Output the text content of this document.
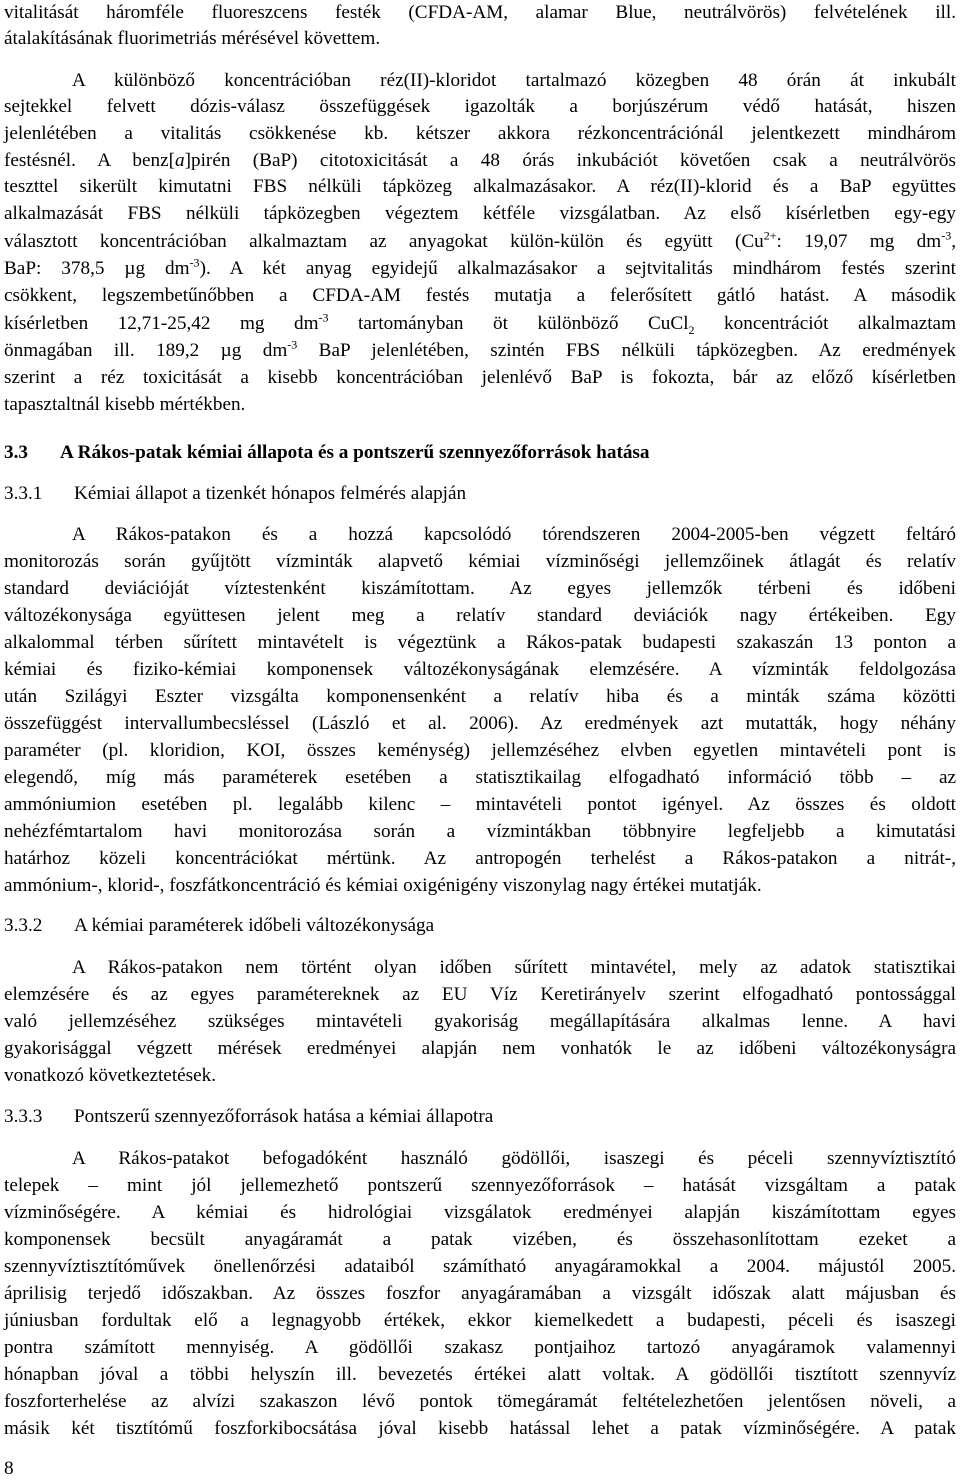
vitalitását háromféle fluoreszcens festék (CFDA-AM, alamar Blue, neutrálvörös) felvételének ill.
átalakításának fluorimetriás mérésével követtem.
A különböző koncentrációban réz(II)-kloridot tartalmazó közegben 48 órán át inkubált
sejtekkel felvett dózis-válasz összefüggések igazolták a borjúszérum védő hatását, hiszen
jelenlétében a vitalitás csökkenése kb. kétszer akkora rézkoncentrációnál jelentkezett mindhárom
festésnél. A benz[a]pirén (BaP) citotoxicitását a 48 órás inkubációt követően csak a neutrálvörös
teszttel sikerült kimutatni FBS nélküli tápközeg alkalmazásakor. A réz(II)-klorid és a BaP együttes
alkalmazását FBS nélküli tápközegben végeztem kétféle vizsgálatban. Az első kísérletben egy-egy
választott koncentrációban alkalmaztam az anyagokat külön-külön és együtt ($Cu^{2+}$: 19,07 mg $dm^{-3}$,
BaP: 378,5 µg $dm^{-3}$). A két anyag egyidejű alkalmazásakor a sejtvitalitás mindhárom festés szerint
csökkent, legszembetűnőbben a CFDA-AM festés mutatja a felerősített gátló hatást. A második
kísérletben 12,71-25,42 mg $dm^{-3}$ tartományban öt különböző CuCl$_2$ koncentrációt alkalmaztam
önmagában ill. 189,2 µg $dm^{-3}$ BaP jelenlétében, szintén FBS nélküli tápközegben. Az eredmények
szerint a réz toxicitását a kisebb koncentrációban jelenlévő BaP is fokozta, bár az előző kísérletben
tapasztaltnál kisebb mértékben.
3.3 A Rákos-patak kémiai állapota és a pontszerű szennyezőforrások hatása
3.3.1 Kémiai állapot a tizenkét hónapos felmérés alapján
A Rákos-patakon és a hozzá kapcsolódó tórendszeren 2004-2005-ben végzett feltáró
monitorozás során gyűjtött vízminták alapvető kémiai vízminőségi jellemzőinek átlagát és relatív
standard deviációját víztestenként kiszámítottam. Az egyes jellemzők térbeni és időbeni
változékonysága együttesen jelent meg a relatív standard deviációk nagy értékeiben. Egy
alkalommal térben sűrített mintavételt is végeztünk a Rákos-patak budapesti szakaszán 13 ponton a
kémiai és fiziko-kémiai komponensek változékonyságának elemzésére. A vízminták feldolgozása
után Szilágyi Eszter vizsgálta komponensenként a relatív hiba és a minták száma közötti
összefüggést intervallumbecsléssel (László et al. 2006). Az eredmények azt mutatták, hogy néhány
paraméter (pl. kloridion, KOI, összes keménység) jellemzéséhez elvben egyetlen mintavételi pont is
elegendő, míg más paraméterek esetében a statisztikailag elfogadható információ több – az
ammóniumion esetében pl. legalább kilenc – mintavételi pontot igényel. Az összes és oldott
nehézfémtartalom havi monitorozása során a vízmintákban többnyire legfeljebb a kimutatási
határhoz közeli koncentrációkat mértünk. Az antropogén terhelést a Rákos-patakon a nitrát-,
ammónium-, klorid-, foszfátkoncentráció és kémiai oxigénigény viszonylag nagy értékei mutatják.
3.3.2 A kémiai paraméterek időbeli változékonysága
A Rákos-patakon nem történt olyan időben sűrített mintavétel, mely az adatok statisztikai
elemzésére és az egyes paramétereknek az EU Víz Keretirányelv szerint elfogadható pontossággal
való jellemzéséhez szükséges mintavételi gyakoriság megállapítására alkalmas lenne. A havi
gyakorisággal végzett mérések eredményei alapján nem vonhatók le az időbeni változékonyságra
vonatkozó következtetések.
3.3.3 Pontszerű szennyezőforrások hatása a kémiai állapotra
A Rákos-patakot befogadóként használó gödöllői, isaszegi és péceli szennyvíztisztító
telepek – mint jól jellemezhető pontszerű szennyezőforrások – hatását vizsgáltam a patak
vízminőségére. A kémiai és hidrológiai vizsgálatok eredményei alapján kiszámítottam egyes
komponensek becsült anyagáramát a patak vizében, és összehasonlítottam ezeket a
szennyvíztisztítóművek önellenőrzési adataiból számítható anyagáramokkal a 2004. májustól 2005.
áprilisig terjedő időszakban. Az összes foszfor anyagáramában a vizsgált időszak alatt májusban és
júniusban fordultak elő a legnagyobb értékek, ekkor kiemelkedett a budapesti, péceli és isaszegi
pontra számított mennyiség. A gödöllői szakasz pontjaihoz tartozó anyagáramok valamennyi
hónapban jóval a többi helyszín ill. bevezetés értékei alatt voltak. A gödöllői tisztított szennyvíz
foszforterhelése az alvízi szakaszon lévő pontok tömegáramát feltételezhetően jelentősen növeli, a
másik két tisztítómű foszforkibocsátása jóval kisebb hatással lehet a patak vízminőségére. A patak
8
